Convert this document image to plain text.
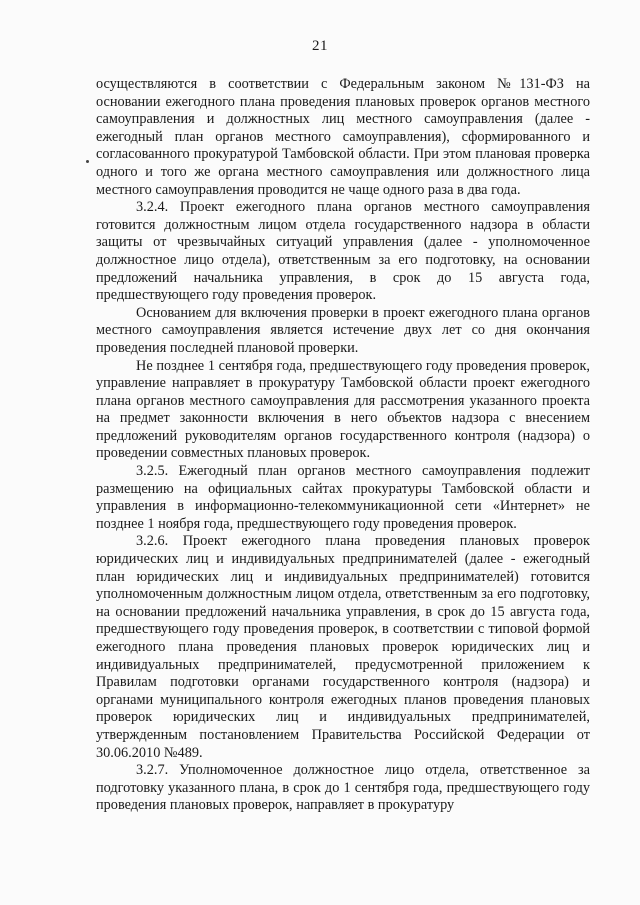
21

осуществляются в соответствии с Федеральным законом №131-ФЗ на основании ежегодного плана проведения плановых проверок органов местного самоуправления и должностных лиц местного самоуправления (далее - ежегодный план органов местного самоуправления), сформированного и согласованного прокуратурой Тамбовской области. При этом плановая проверка одного и того же органа местного самоуправления или должностного лица местного самоуправления проводится не чаще одного раза в два года.

3.2.4. Проект ежегодного плана органов местного самоуправления готовится должностным лицом отдела государственного надзора в области защиты от чрезвычайных ситуаций управления (далее - уполномоченное должностное лицо отдела), ответственным за его подготовку, на основании предложений начальника управления, в срок до 15 августа года, предшествующего году проведения проверок.

Основанием для включения проверки в проект ежегодного плана органов местного самоуправления является истечение двух лет со дня окончания проведения последней плановой проверки.

Не позднее 1 сентября года, предшествующего году проведения проверок, управление направляет в прокуратуру Тамбовской области проект ежегодного плана органов местного самоуправления для рассмотрения указанного проекта на предмет законности включения в него объектов надзора с внесением предложений руководителям органов государственного контроля (надзора) о проведении совместных плановых проверок.

3.2.5. Ежегодный план органов местного самоуправления подлежит размещению на официальных сайтах прокуратуры Тамбовской области и управления в информационно-телекоммуникационной сети «Интернет» не позднее 1 ноября года, предшествующего году проведения проверок.

3.2.6. Проект ежегодного плана проведения плановых проверок юридических лиц и индивидуальных предпринимателей (далее - ежегодный план юридических лиц и индивидуальных предпринимателей) готовится уполномоченным должностным лицом отдела, ответственным за его подготовку, на основании предложений начальника управления, в срок до 15 августа года, предшествующего году проведения проверок, в соответствии с типовой формой ежегодного плана проведения плановых проверок юридических лиц и индивидуальных предпринимателей, предусмотренной приложением к Правилам подготовки органами государственного контроля (надзора) и органами муниципального контроля ежегодных планов проведения плановых проверок юридических лиц и индивидуальных предпринимателей, утвержденным постановлением Правительства Российской Федерации от 30.06.2010 №489.

3.2.7. Уполномоченное должностное лицо отдела, ответственное за подготовку указанного плана, в срок до 1 сентября года, предшествующего году проведения плановых проверок, направляет в прокуратуру
